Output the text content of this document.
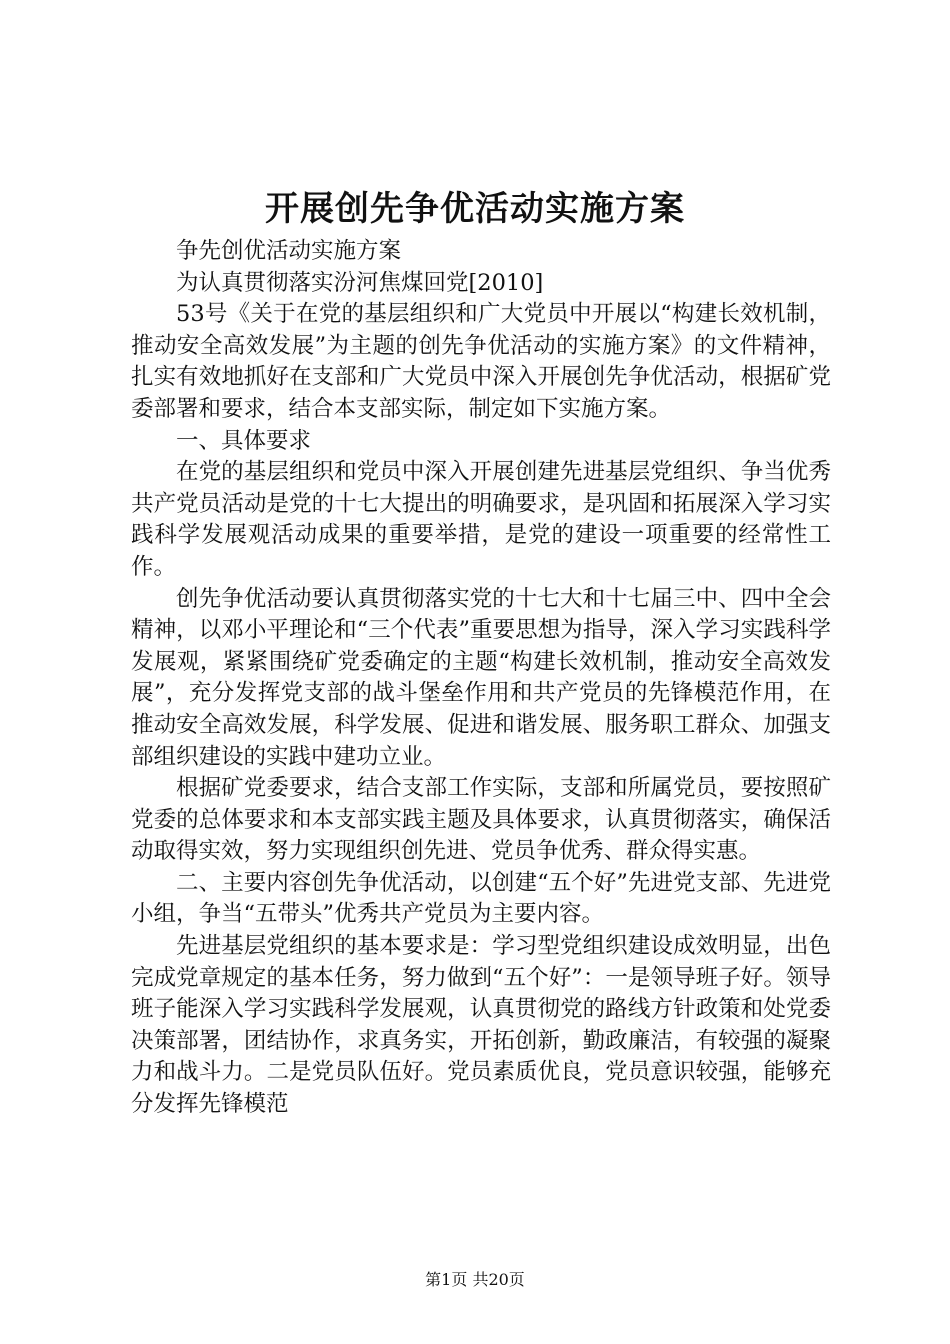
开展创先争优活动实施方案

争先创优活动实施方案

为认真贯彻落实汾河焦煤回党[2010]

53号《关于在党的基层组织和广大党员中开展以“构建长效机制，推动安全高效发展”为主题的创先争优活动的实施方案》的文件精神，扎实有效地抓好在支部和广大党员中深入开展创先争优活动，根据矿党委部署和要求，结合本支部实际，制定如下实施方案。

一、具体要求

在党的基层组织和党员中深入开展创建先进基层党组织、争当优秀共产党员活动是党的十七大提出的明确要求，是巩固和拓展深入学习实践科学发展观活动成果的重要举措，是党的建设一项重要的经常性工作。

创先争优活动要认真贯彻落实党的十七大和十七届三中、四中全会精神，以邓小平理论和“三个代表”重要思想为指导，深入学习实践科学发展观，紧紧围绕矿党委确定的主题“构建长效机制，推动安全高效发展”，充分发挥党支部的战斗堡垒作用和共产党员的先锋模范作用，在推动安全高效发展，科学发展、促进和谐发展、服务职工群众、加强支部组织建设的实践中建功立业。

根据矿党委要求，结合支部工作实际，支部和所属党员，要按照矿党委的总体要求和本支部实践主题及具体要求，认真贯彻落实，确保活动取得实效，努力实现组织创先进、党员争优秀、群众得实惠。

二、主要内容创先争优活动，以创建“五个好”先进党支部、先进党小组，争当“五带头”优秀共产党员为主要内容。

先进基层党组织的基本要求是：学习型党组织建设成效明显，出色完成党章规定的基本任务，努力做到“五个好”：一是领导班子好。领导班子能深入学习实践科学发展观，认真贯彻党的路线方针政策和处党委决策部署，团结协作，求真务实，开拓创新，勤政廉洁，有较强的凝聚力和战斗力。二是党员队伍好。党员素质优良，党员意识较强，能够充分发挥先锋模范

第1页 共20页
